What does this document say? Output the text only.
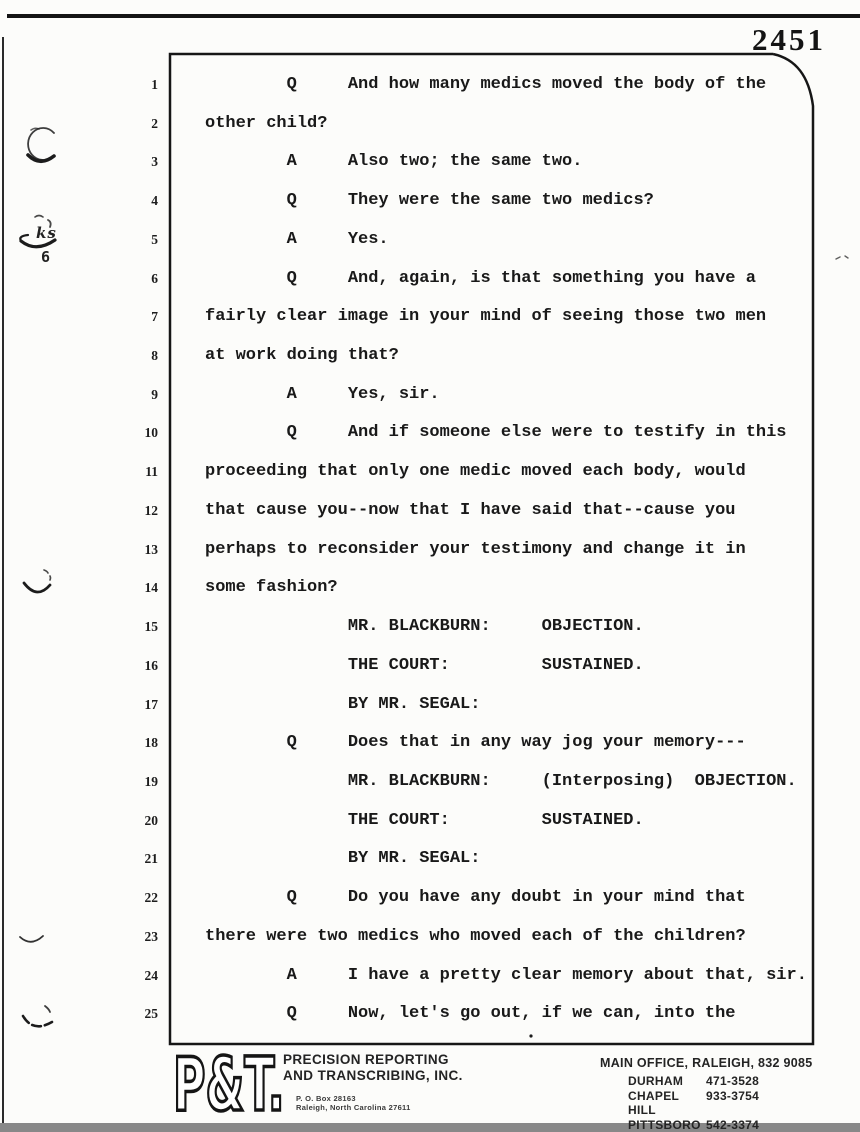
2451
ks
6
1
2
3
4
5
6
7
8
9
10
11
12
13
14
15
16
17
18
19
20
21
22
23
24
25
Q     And how many medics moved the body of the
other child?
A     Also two; the same two.
Q     They were the same two medics?
A     Yes.
Q     And, again, is that something you have a
fairly clear image in your mind of seeing those two men
at work doing that?
A     Yes, sir.
Q     And if someone else were to testify in this
proceeding that only one medic moved each body, would
that cause you--now that I have said that--cause you
perhaps to reconsider your testimony and change it in
some fashion?
MR. BLACKBURN:     OBJECTION.
THE COURT:         SUSTAINED.
BY MR. SEGAL:
Q     Does that in any way jog your memory---
MR. BLACKBURN:     (Interposing)  OBJECTION.
THE COURT:         SUSTAINED.
BY MR. SEGAL:
Q     Do you have any doubt in your mind that
there were two medics who moved each of the children?
A     I have a pretty clear memory about that, sir.
Q     Now, let's go out, if we can, into the
P&T.
PRECISION REPORTING
AND TRANSCRIBING, INC.
P. O. Box 28163
Raleigh, North Carolina 27611
MAIN OFFICE, RALEIGH, 832 9085
DURHAM	471-3528
CHAPEL HILL
933-3754
PITTSBORO 542-3374
